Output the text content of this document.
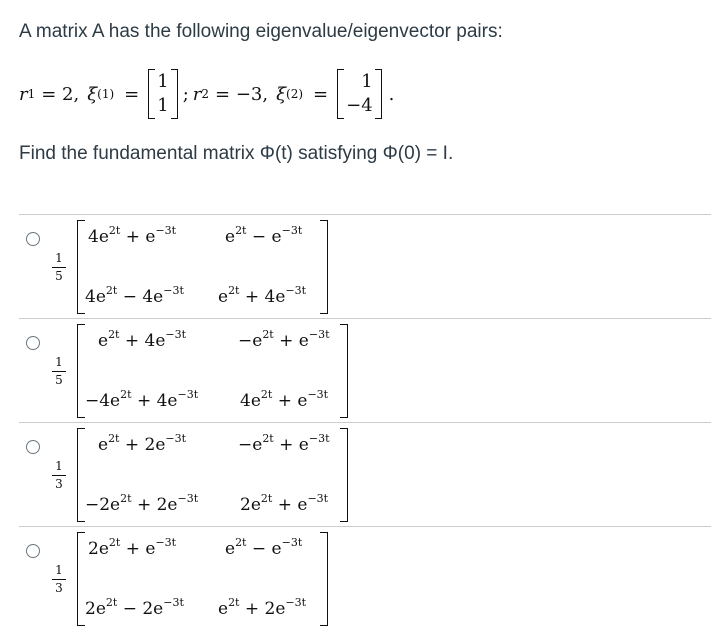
A matrix A has the following eigenvalue/eigenvector pairs:
r 1 = 2, ξ (1) =
1
1
; r 2 = −3, ξ (2) =
1
−4
.
Find the fundamental matrix Φ(t) satisfying Φ(0) = I.
1
5
$4e^{2t} + e^{-3t}$	$e^{2t} - e^{-3t}$
$4e^{2t} - 4e^{-3t}$ $e^{2t} + 4e^{-3t}$
1
5
$e^{2t} + 4e^{-3t}$	$-e^{2t} + e^{-3t}$
$-4e^{2t} + 4e^{-3t}$ $4e^{2t} + e^{-3t}$
1
3
$e^{2t} + 2e^{-3t}$	$-e^{2t} + e^{-3t}$
$-2e^{2t} + 2e^{-3t}$ $2e^{2t} + e^{-3t}$
1
3
$2e^{2t} + e^{-3t}$	$e^{2t} - e^{-3t}$
$2e^{2t} - 2e^{-3t}$ $e^{2t} + 2e^{-3t}$
